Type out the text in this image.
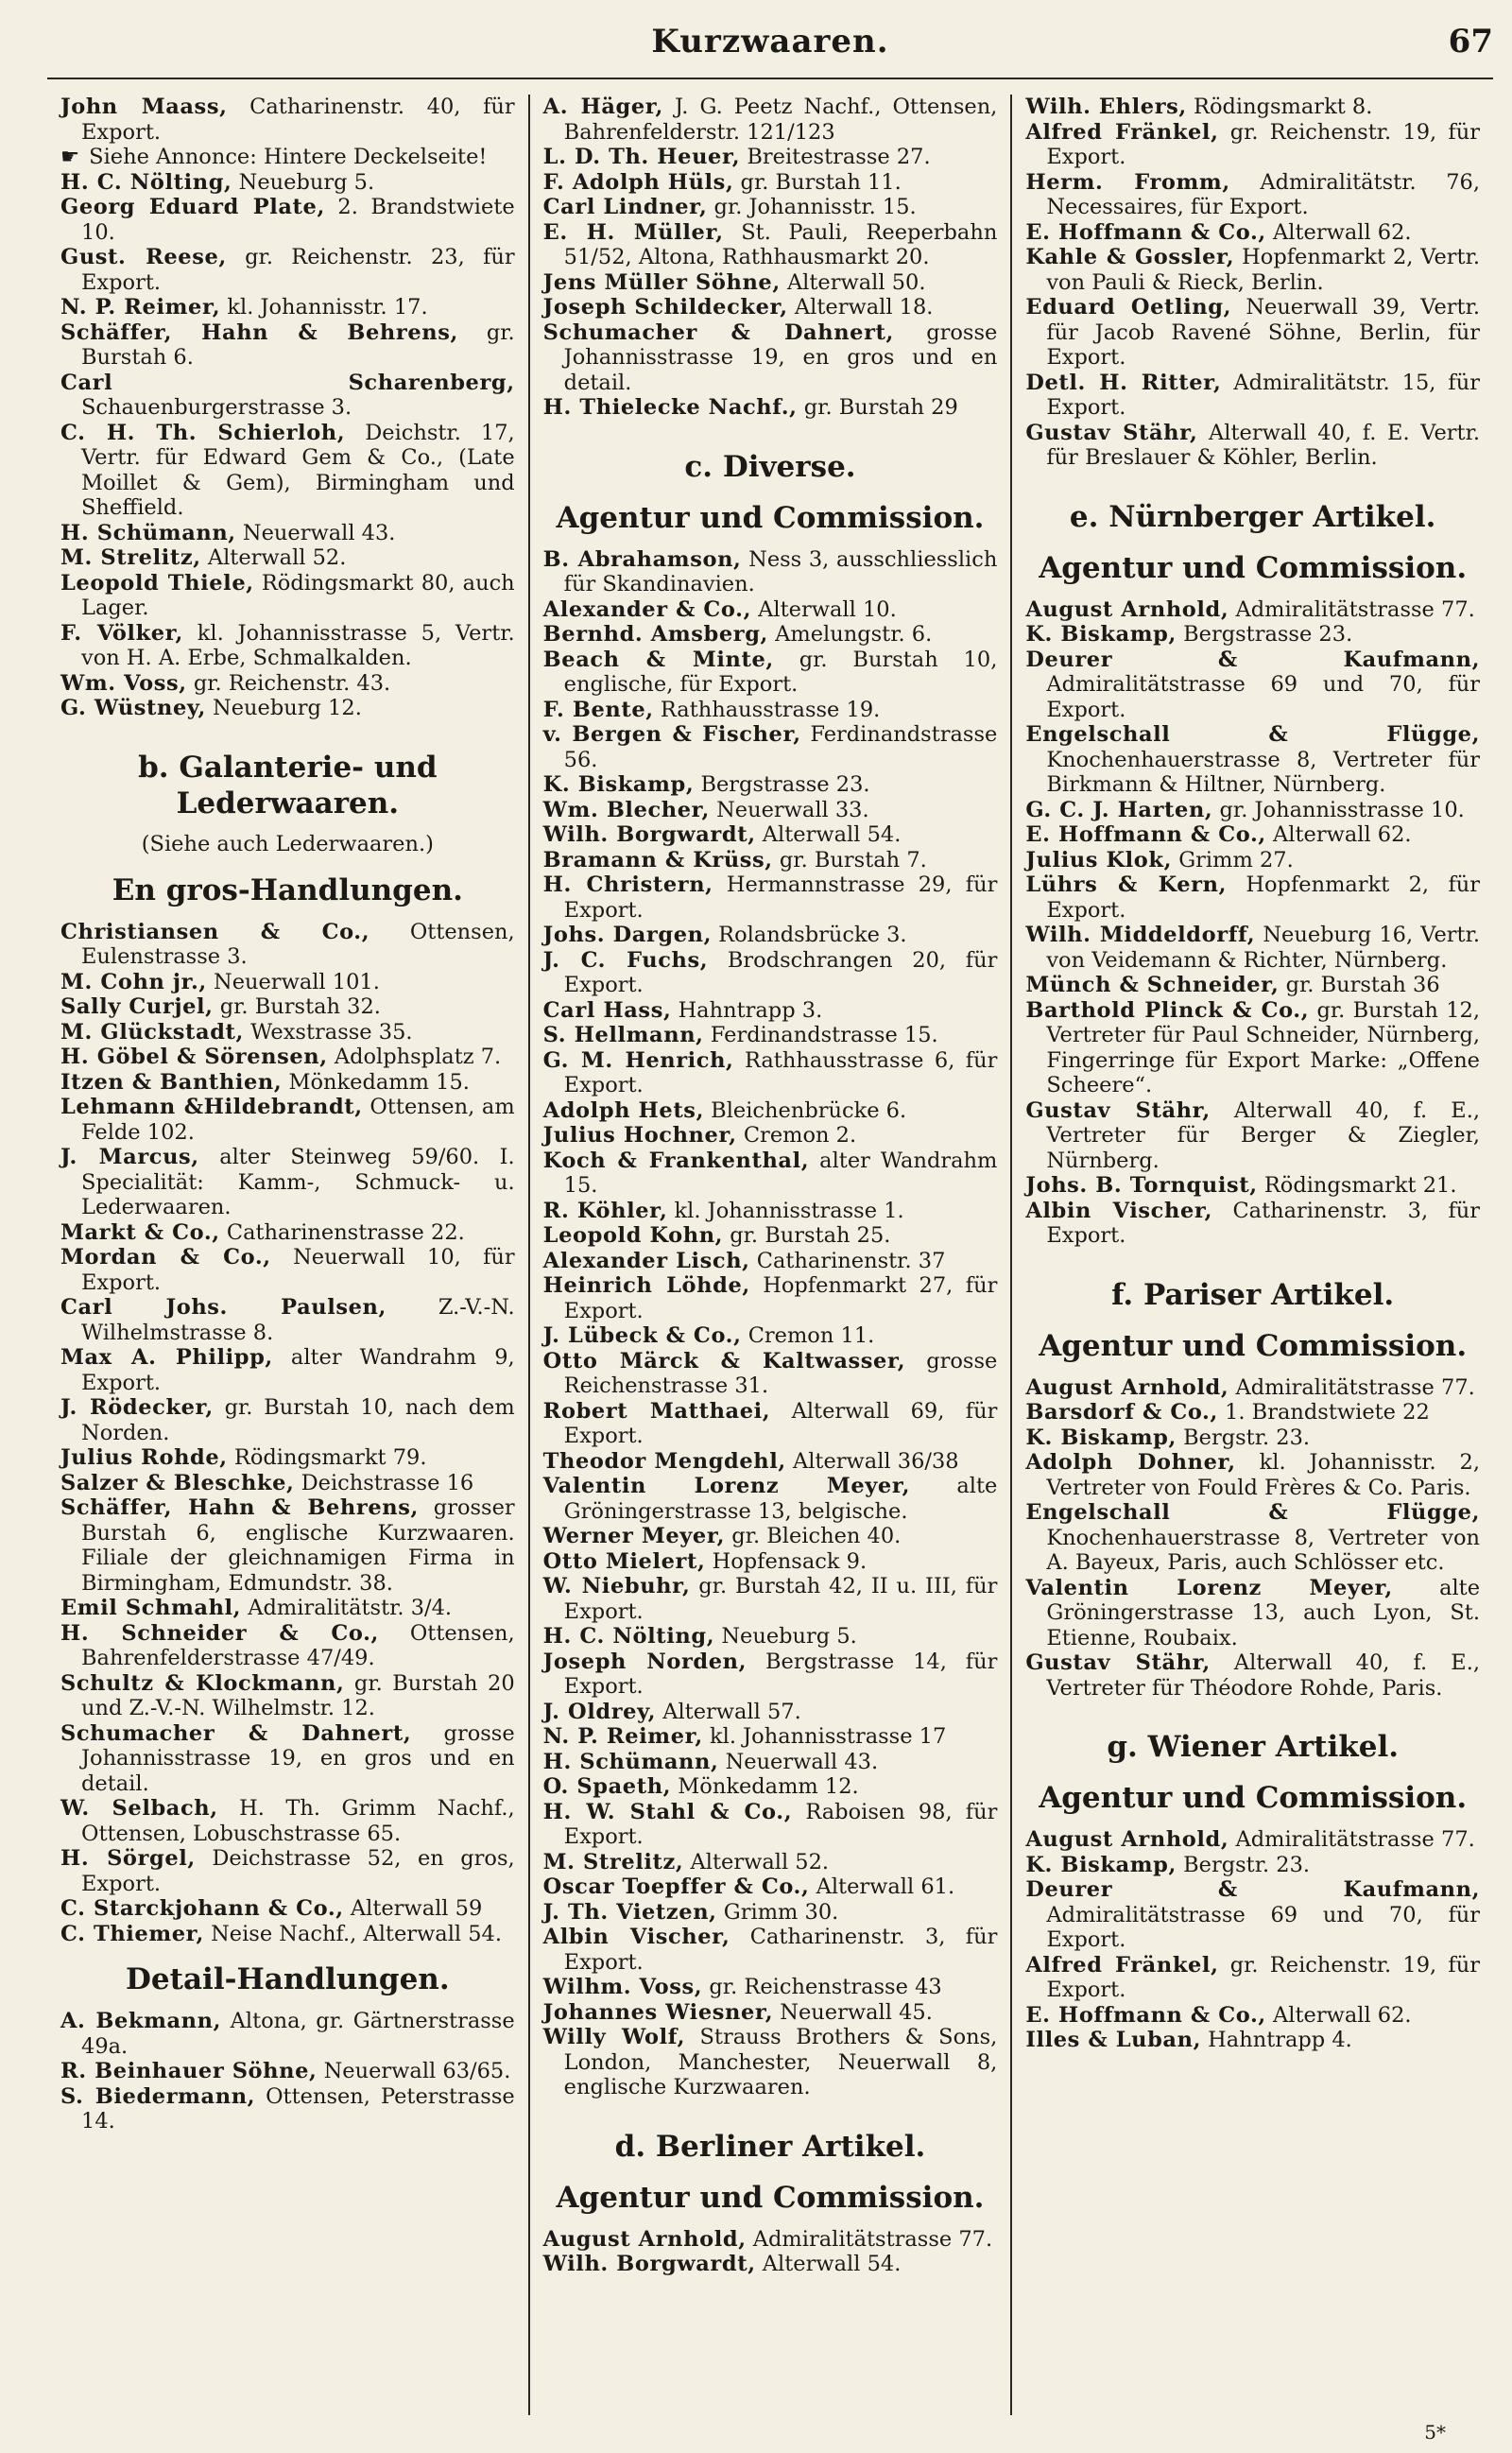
Kurzwaaren.	67

John Maass, Catharinenstr. 40, für Export.

☛ Siehe Annonce: Hintere Deckelseite!

H. C. Nölting, Neueburg 5.

Georg Eduard Plate, 2. Brandstwiete 10.

Gust. Reese, gr. Reichenstr. 23, für Export.

N. P. Reimer, kl. Johannisstr. 17.

Schäffer, Hahn & Behrens, gr. Burstah 6.

Carl Scharenberg, Schauenburgerstrasse 3.

C. H. Th. Schierloh, Deichstr. 17, Vertr. für Edward Gem & Co., (Late Moillet & Gem), Birmingham und Sheffield.

H. Schümann, Neuerwall 43.

M. Strelitz, Alterwall 52.

Leopold Thiele, Rödingsmarkt 80, auch Lager.

F. Völker, kl. Johannisstrasse 5, Vertr. von H. A. Erbe, Schmalkalden.

Wm. Voss, gr. Reichenstr. 43.

G. Wüstney, Neueburg 12.

b. Galanterie- und Lederwaaren.
(Siehe auch Lederwaaren.)
En gros-Handlungen.

Christiansen & Co., Ottensen, Eulenstrasse 3.

M. Cohn jr., Neuerwall 101.

Sally Curjel, gr. Burstah 32.

M. Glückstadt, Wexstrasse 35.

H. Göbel & Sörensen, Adolphsplatz 7.

Itzen & Banthien, Mönkedamm 15.

Lehmann &Hildebrandt, Ottensen, am Felde 102.

J. Marcus, alter Steinweg 59/60. I. Specialität: Kamm-, Schmuck- u. Lederwaaren.

Markt & Co., Catharinenstrasse 22.

Mordan & Co., Neuerwall 10, für Export.

Carl Johs. Paulsen, Z.-V.-N. Wilhelmstrasse 8.

Max A. Philipp, alter Wandrahm 9, Export.

J. Rödecker, gr. Burstah 10, nach dem Norden.

Julius Rohde, Rödingsmarkt 79.

Salzer & Bleschke, Deichstrasse 16

Schäffer, Hahn & Behrens, grosser Burstah 6, englische Kurzwaaren. Filiale der gleichnamigen Firma in Birmingham, Edmundstr. 38.

Emil Schmahl, Admiralitätstr. 3/4.

H. Schneider & Co., Ottensen, Bahrenfelderstrasse 47/49.

Schultz & Klockmann, gr. Burstah 20 und Z.-V.-N. Wilhelmstr. 12.

Schumacher & Dahnert, grosse Johannisstrasse 19, en gros und en detail.

W. Selbach, H. Th. Grimm Nachf., Ottensen, Lobuschstrasse 65.

H. Sörgel, Deichstrasse 52, en gros, Export.

C. Starckjohann & Co., Alterwall 59

C. Thiemer, Neise Nachf., Alterwall 54.

Detail-Handlungen.

A. Bekmann, Altona, gr. Gärtnerstrasse 49a.

R. Beinhauer Söhne, Neuerwall 63/65.

S. Biedermann, Ottensen, Peterstrasse 14.

A. Häger, J. G. Peetz Nachf., Ottensen, Bahrenfelderstr. 121/123

L. D. Th. Heuer, Breitestrasse 27.

F. Adolph Hüls, gr. Burstah 11.

Carl Lindner, gr. Johannisstr. 15.

E. H. Müller, St. Pauli, Reeperbahn 51/52, Altona, Rathhausmarkt 20.

Jens Müller Söhne, Alterwall 50.

Joseph Schildecker, Alterwall 18.

Schumacher & Dahnert, grosse Johannisstrasse 19, en gros und en detail.

H. Thielecke Nachf., gr. Burstah 29

c. Diverse.
Agentur und Commission.

B. Abrahamson, Ness 3, ausschliesslich für Skandinavien.

Alexander & Co., Alterwall 10.

Bernhd. Amsberg, Amelungstr. 6.

Beach & Minte, gr. Burstah 10, englische, für Export.

F. Bente, Rathhausstrasse 19.

v. Bergen & Fischer, Ferdinandstrasse 56.

K. Biskamp, Bergstrasse 23.

Wm. Blecher, Neuerwall 33.

Wilh. Borgwardt, Alterwall 54.

Bramann & Krüss, gr. Burstah 7.

H. Christern, Hermannstrasse 29, für Export.

Johs. Dargen, Rolandsbrücke 3.

J. C. Fuchs, Brodschrangen 20, für Export.

Carl Hass, Hahntrapp 3.

S. Hellmann, Ferdinandstrasse 15.

G. M. Henrich, Rathhausstrasse 6, für Export.

Adolph Hets, Bleichenbrücke 6.

Julius Hochner, Cremon 2.

Koch & Frankenthal, alter Wandrahm 15.

R. Köhler, kl. Johannisstrasse 1.

Leopold Kohn, gr. Burstah 25.

Alexander Lisch, Catharinenstr. 37

Heinrich Löhde, Hopfenmarkt 27, für Export.

J. Lübeck & Co., Cremon 11.

Otto Märck & Kaltwasser, grosse Reichenstrasse 31.

Robert Matthaei, Alterwall 69, für Export.

Theodor Mengdehl, Alterwall 36/38

Valentin Lorenz Meyer, alte Gröningerstrasse 13, belgische.

Werner Meyer, gr. Bleichen 40.

Otto Mielert, Hopfensack 9.

W. Niebuhr, gr. Burstah 42, II u. III, für Export.

H. C. Nölting, Neueburg 5.

Joseph Norden, Bergstrasse 14, für Export.

J. Oldrey, Alterwall 57.

N. P. Reimer, kl. Johannisstrasse 17

H. Schümann, Neuerwall 43.

O. Spaeth, Mönkedamm 12.

H. W. Stahl & Co., Raboisen 98, für Export.

M. Strelitz, Alterwall 52.

Oscar Toepffer & Co., Alterwall 61.

J. Th. Vietzen, Grimm 30.

Albin Vischer, Catharinenstr. 3, für Export.

Wilhm. Voss, gr. Reichenstrasse 43

Johannes Wiesner, Neuerwall 45.

Willy Wolf, Strauss Brothers & Sons, London, Manchester, Neuerwall 8, englische Kurzwaaren.

d. Berliner Artikel.
Agentur und Commission.

August Arnhold, Admiralitätstrasse 77.

Wilh. Borgwardt, Alterwall 54.

Wilh. Ehlers, Rödingsmarkt 8.

Alfred Fränkel, gr. Reichenstr. 19, für Export.

Herm. Fromm, Admiralitätstr. 76, Necessaires, für Export.

E. Hoffmann & Co., Alterwall 62.

Kahle & Gossler, Hopfenmarkt 2, Vertr. von Pauli & Rieck, Berlin.

Eduard Oetling, Neuerwall 39, Vertr. für Jacob Ravené Söhne, Berlin, für Export.

Detl. H. Ritter, Admiralitätstr. 15, für Export.

Gustav Stähr, Alterwall 40, f. E. Vertr. für Breslauer & Köhler, Berlin.

e. Nürnberger Artikel.
Agentur und Commission.

August Arnhold, Admiralitätstrasse 77.

K. Biskamp, Bergstrasse 23.

Deurer & Kaufmann, Admiralitätstrasse 69 und 70, für Export.

Engelschall & Flügge, Knochenhauerstrasse 8, Vertreter für Birkmann & Hiltner, Nürnberg.

G. C. J. Harten, gr. Johannisstrasse 10.

E. Hoffmann & Co., Alterwall 62.

Julius Klok, Grimm 27.

Lührs & Kern, Hopfenmarkt 2, für Export.

Wilh. Middeldorff, Neueburg 16, Vertr. von Veidemann & Richter, Nürnberg.

Münch & Schneider, gr. Burstah 36

Barthold Plinck & Co., gr. Burstah 12, Vertreter für Paul Schneider, Nürnberg, Fingerringe für Export Marke: „Offene Scheere“.

Gustav Stähr, Alterwall 40, f. E., Vertreter für Berger & Ziegler, Nürnberg.

Johs. B. Tornquist, Rödingsmarkt 21.

Albin Vischer, Catharinenstr. 3, für Export.

f. Pariser Artikel.
Agentur und Commission.

August Arnhold, Admiralitätstrasse 77.

Barsdorf & Co., 1. Brandstwiete 22

K. Biskamp, Bergstr. 23.

Adolph Dohner, kl. Johannisstr. 2, Vertreter von Fould Frères & Co. Paris.

Engelschall & Flügge, Knochenhauerstrasse 8, Vertreter von A. Bayeux, Paris, auch Schlösser etc.

Valentin Lorenz Meyer, alte Gröningerstrasse 13, auch Lyon, St. Etienne, Roubaix.

Gustav Stähr, Alterwall 40, f. E., Vertreter für Théodore Rohde, Paris.

g. Wiener Artikel.
Agentur und Commission.

August Arnhold, Admiralitätstrasse 77.

K. Biskamp, Bergstr. 23.

Deurer & Kaufmann, Admiralitätstrasse 69 und 70, für Export.

Alfred Fränkel, gr. Reichenstr. 19, für Export.

E. Hoffmann & Co., Alterwall 62.

Illes & Luban, Hahntrapp 4.

5*
